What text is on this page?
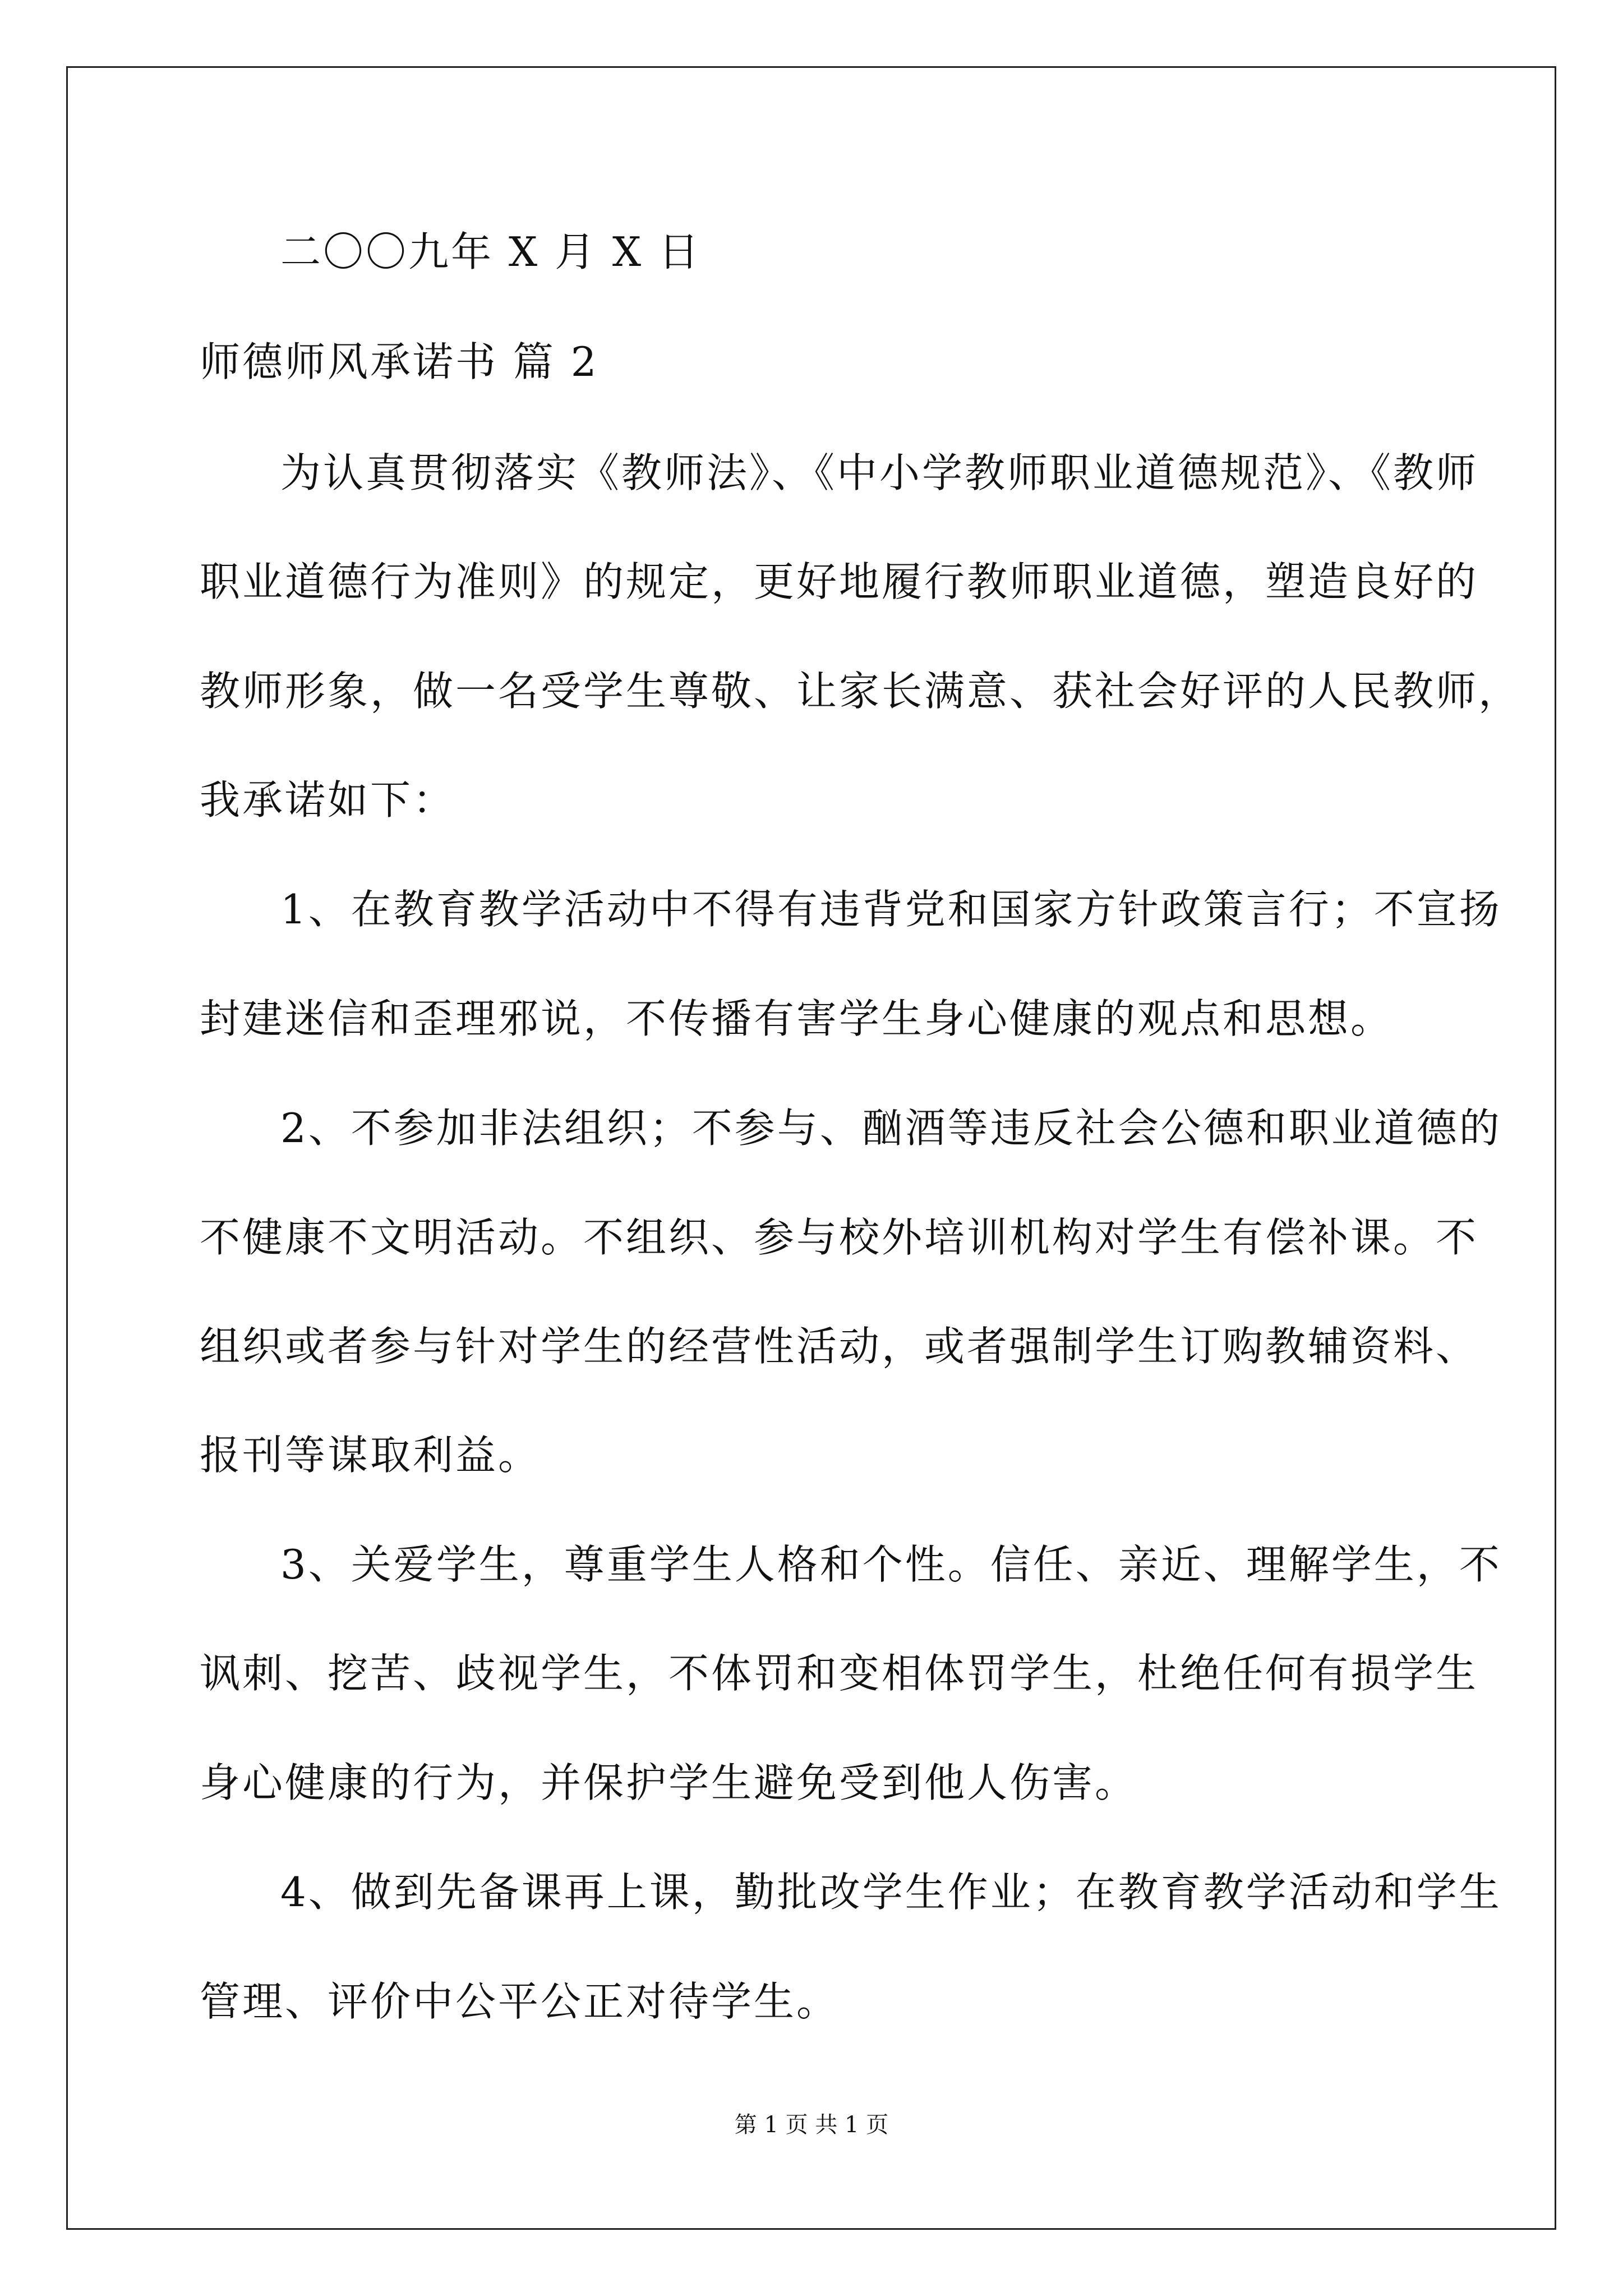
二〇〇九年 X 月 X 日
师德师风承诺书 篇 2
为认真贯彻落实《教师法》、《中小学教师职业道德规范》、《教师
职业道德行为准则》的规定，更好地履行教师职业道德，塑造良好的
教师形象，做一名受学生尊敬、让家长满意、获社会好评的人民教师，
我承诺如下：
1、在教育教学活动中不得有违背党和国家方针政策言行；不宣扬
封建迷信和歪理邪说，不传播有害学生身心健康的观点和思想。
2、不参加非法组织；不参与、酗酒等违反社会公德和职业道德的
不健康不文明活动。不组织、参与校外培训机构对学生有偿补课。不
组织或者参与针对学生的经营性活动，或者强制学生订购教辅资料、
报刊等谋取利益。
3、关爱学生，尊重学生人格和个性。信任、亲近、理解学生，不
讽刺、挖苦、歧视学生，不体罚和变相体罚学生，杜绝任何有损学生
身心健康的行为，并保护学生避免受到他人伤害。
4、做到先备课再上课，勤批改学生作业；在教育教学活动和学生
管理、评价中公平公正对待学生。
第 1 页 共 1 页
